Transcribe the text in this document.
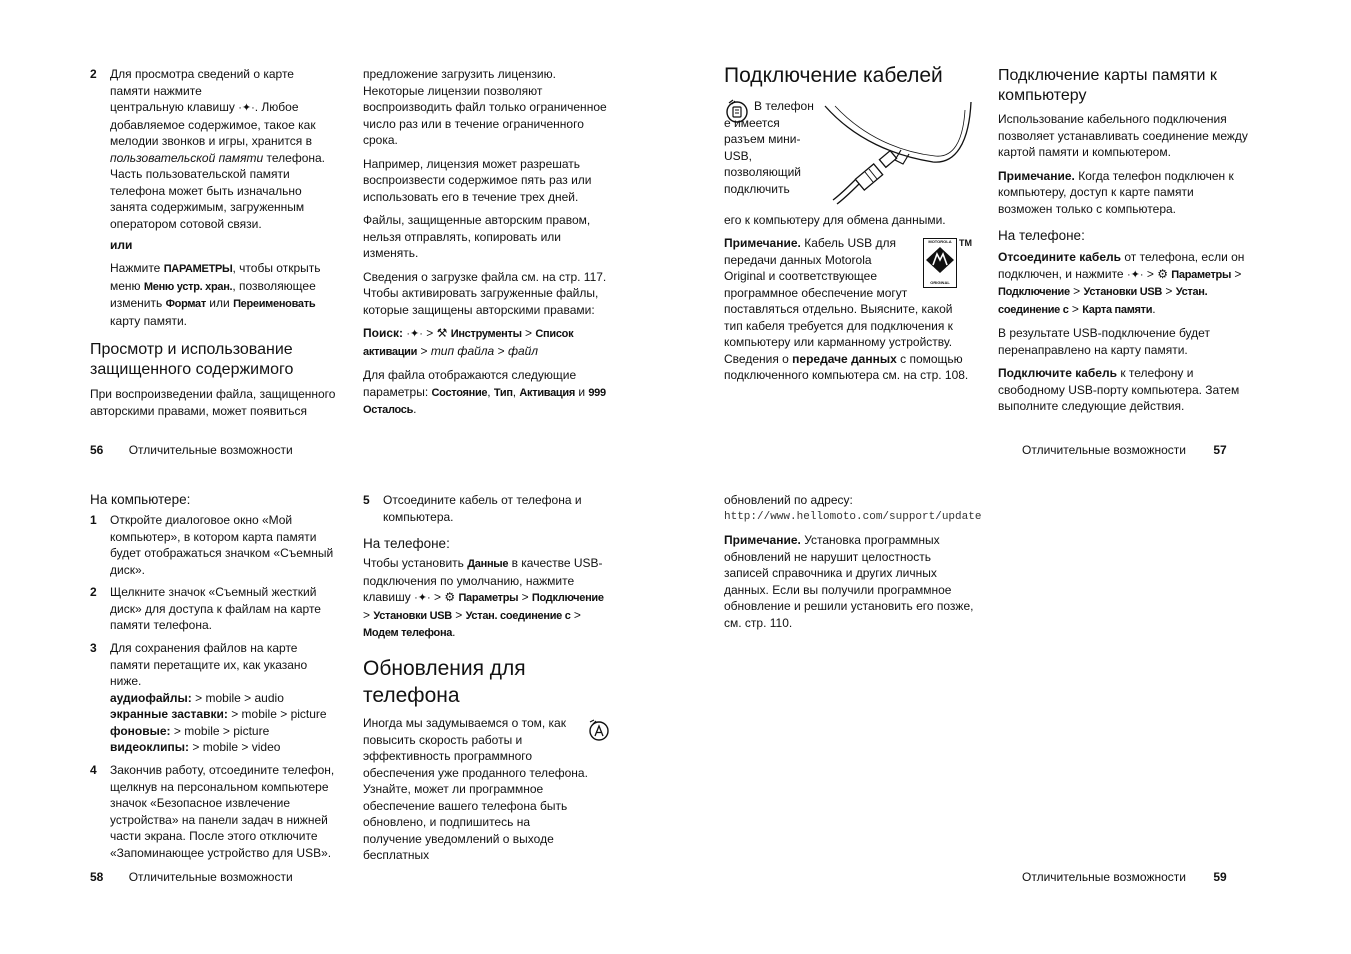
2 Для просмотра сведений о карте памяти нажмите
центральную клавишу ·✦·. Любое добавляемое содержимое, такое как мелодии звонков и игры, хранится в пользовательской памяти телефона. Часть пользовательской памяти телефона может быть изначально занята содержимым, загруженным оператором сотовой связи.
или
Нажмите ПАРАМЕТРЫ, чтобы открыть меню Меню устр. хран., позволяющее изменить Формат или Переименовать карту памяти.
Просмотр и использование защищенного содержимого
При воспроизведении файла, защищенного авторскими правами, может появиться
56 Отличительные возможности

предложение загрузить лицензию. Некоторые лицензии позволяют воспроизводить файл только ограниченное число раз или в течение ограниченного срока.

Например, лицензия может разрешать воспроизвести содержимое пять раз или использовать его в течение трех дней.

Файлы, защищенные авторским правом, нельзя отправлять, копировать или изменять.

Сведения о загрузке файла см. на стр. 117. Чтобы активировать загруженные файлы, которые защищены авторскими правами:

Поиск: ·✦· > ⚒ Инструменты > Список активации > тип файла > файл

Для файла отображаются следующие параметры: Состояние, Тип, Активация и 999 Осталось.

Подключение кабелей
В телефон е имеется разъем мини-USB, позволяющий подключить
его к компьютеру для обмена данными.
Примечание. Кабель USB для передачи данных Motorola Original и соответствующее программное обеспечение могут поставляться отдельно. Выясните, какой тип кабеля требуется для подключения к компьютеру или карманному устройству. Сведения о передаче данных с помощью подключенного компьютера см. на стр. 108.
MOTOROLA
ORIGINAL
TM
Подключение карты памяти к компьютеру

Использование кабельного подключения позволяет устанавливать соединение между картой памяти и компьютером.

Примечание. Когда телефон подключен к компьютеру, доступ к карте памяти возможен только с компьютера.

На телефоне:

Отсоедините кабель от телефона, если он подключен, и нажмите ·✦· > ⚙ Параметры > Подключение > Установки USB > Устан. соединение с > Карта памяти.

В результате USB-подключение будет перенаправлено на карту памяти.

Подключите кабель к телефону и свободному USB-порту компьютера. Затем выполните следующие действия.

Отличительные возможности 57
На компьютере:
1 Откройте диалоговое окно «Мой компьютер», в котором карта памяти будет отображаться значком «Съемный диск».
2 Щелкните значок «Съемный жесткий диск» для доступа к файлам на карте памяти телефона.
3 Для сохранения файлов на карте памяти перетащите их, как указано ниже.
аудиофайлы: > mobile > audio
экранные заставки: > mobile > picture
фоновые: > mobile > picture
видеоклипы: > mobile > video
4 Закончив работу, отсоедините телефон, щелкнув на персональном компьютере значок «Безопасное извлечение устройства» на панели задач в нижней части экрана. После этого отключите «Запоминающее устройство для USB».
58 Отличительные возможности
5 Отсоедините кабель от телефона и компьютера.
На телефоне:
Чтобы установить Данные в качестве USB-подключения по умолчанию, нажмите клавишу ·✦· > ⚙ Параметры > Подключение > Установки USB > Устан. соединение с > Модем телефона.
Обновления для телефона
Иногда мы задумываемся о том, как повысить скорость работы и эффективность программного обеспечения уже проданного телефона. Узнайте, может ли программное обеспечение вашего телефона быть обновлено, и подпишитесь на получение уведомлений о выходе бесплатных
обновлений по адресу:
http://www.hellomoto.com/support/update

Примечание. Установка программных обновлений не нарушит целостность записей справочника и других личных данных. Если вы получили программное обновление и решили установить его позже, см. стр. 110.

Отличительные возможности 59
